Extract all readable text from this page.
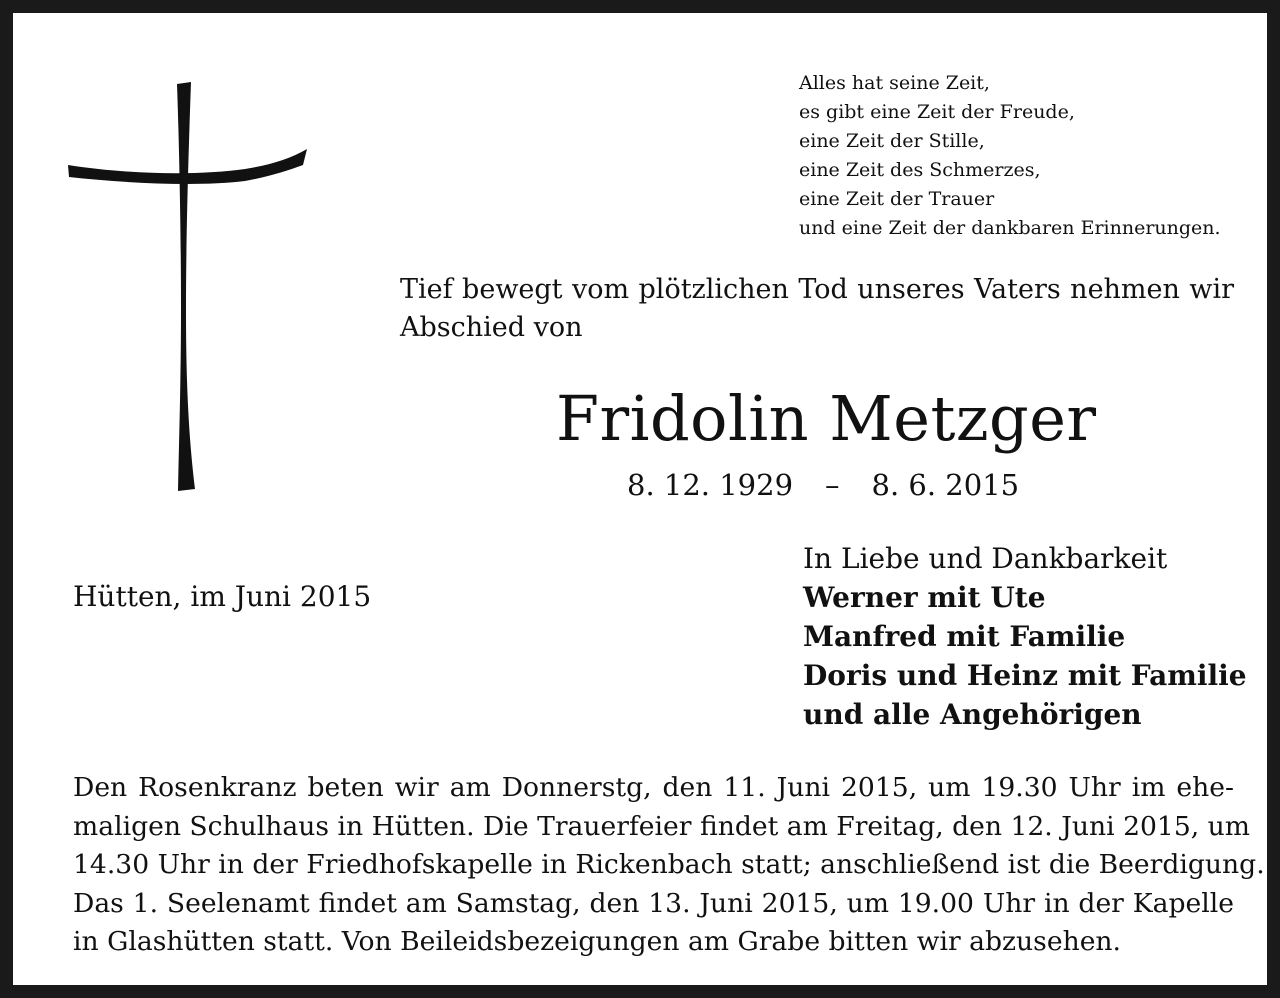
Alles hat seine Zeit,
es gibt eine Zeit der Freude,
eine Zeit der Stille,
eine Zeit des Schmerzes,
eine Zeit der Trauer
und eine Zeit der dankbaren Erinnerungen.

Tief bewegt vom plötzlichen Tod unseres Vaters nehmen wir
Abschied von

Fridolin Metzger
8. 12. 1929 – 8. 6. 2015
Hütten, im Juni 2015
In Liebe und Dankbarkeit
Werner mit Ute
Manfred mit Familie
Doris und Heinz mit Familie
und alle Angehörigen

Den Rosenkranz beten wir am Donnerstg, den 11. Juni 2015, um 19.30 Uhr im ehe-
maligen Schulhaus in Hütten. Die Trauerfeier findet am Freitag, den 12. Juni 2015, um
14.30 Uhr in der Friedhofskapelle in Rickenbach statt; anschließend ist die Beerdigung.
Das 1. Seelenamt findet am Samstag, den 13. Juni 2015, um 19.00 Uhr in der Kapelle
in Glashütten statt. Von Beileidsbezeigungen am Grabe bitten wir abzusehen.
